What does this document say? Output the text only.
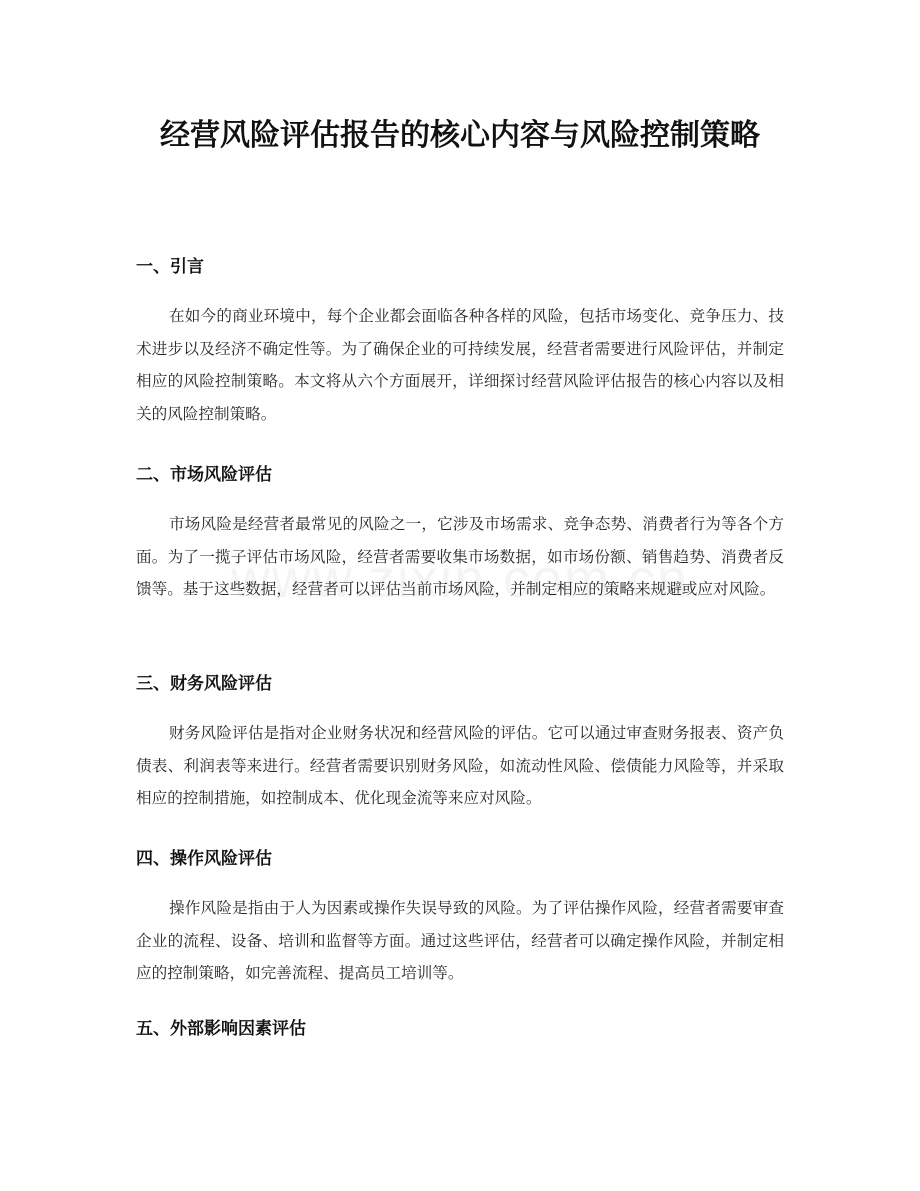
经营风险评估报告的核心内容与风险控制策略
一、引言

在如今的商业环境中，每个企业都会面临各种各样的风险，包括市场变化、竞争压力、技术进步以及经济不确定性等。为了确保企业的可持续发展，经营者需要进行风险评估，并制定相应的风险控制策略。本文将从六个方面展开，详细探讨经营风险评估报告的核心内容以及相关的风险控制策略。

二、市场风险评估

市场风险是经营者最常见的风险之一，它涉及市场需求、竞争态势、消费者行为等各个方面。为了一揽子评估市场风险，经营者需要收集市场数据，如市场份额、销售趋势、消费者反馈等。基于这些数据，经营者可以评估当前市场风险，并制定相应的策略来规避或应对风险。

三、财务风险评估

财务风险评估是指对企业财务状况和经营风险的评估。它可以通过审查财务报表、资产负债表、利润表等来进行。经营者需要识别财务风险，如流动性风险、偿债能力风险等，并采取相应的控制措施，如控制成本、优化现金流等来应对风险。

四、操作风险评估

操作风险是指由于人为因素或操作失误导致的风险。为了评估操作风险，经营者需要审查企业的流程、设备、培训和监督等方面。通过这些评估，经营者可以确定操作风险，并制定相应的控制策略，如完善流程、提高员工培训等。

五、外部影响因素评估
